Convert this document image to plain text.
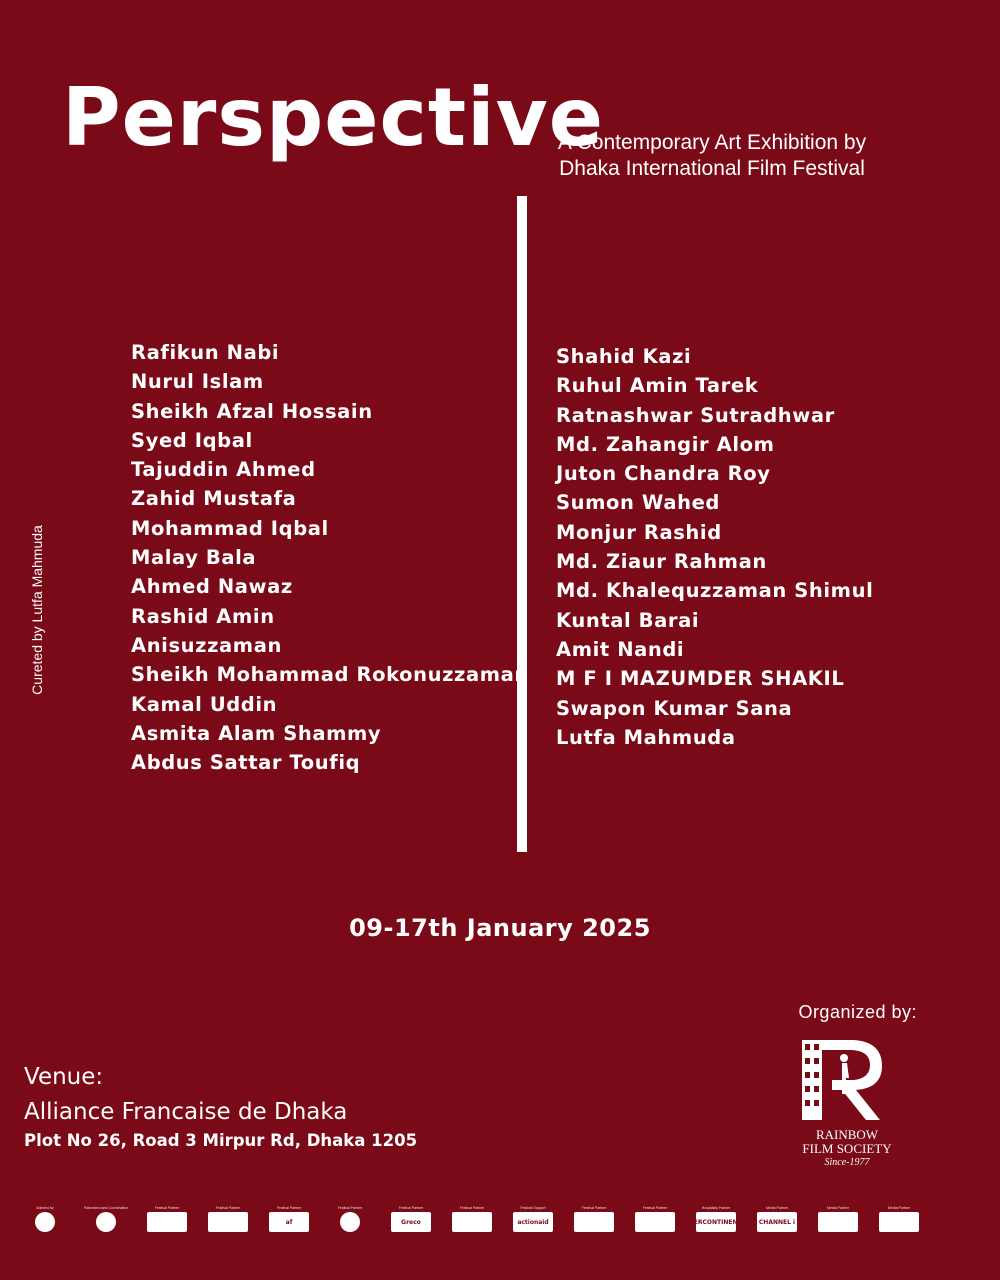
Perspective
A Contemporary Art Exhibition by
Dhaka International Film Festival
Rafikun Nabi
Nurul Islam
Sheikh Afzal Hossain
Syed Iqbal
Tajuddin Ahmed
Zahid Mustafa
Mohammad Iqbal
Malay Bala
Ahmed Nawaz
Rashid Amin
Anisuzzaman
Sheikh Mohammad Rokonuzzaman
Kamal Uddin
Asmita Alam Shammy
Abdus Sattar Toufiq
Shahid Kazi
Ruhul Amin Tarek
Ratnashwar Sutradhwar
Md. Zahangir Alom
Juton Chandra Roy
Sumon Wahed
Monjur Rashid
Md. Ziaur Rahman
Md. Khalequzzaman Shimul
Kuntal Barai
Amit Nandi
M F I MAZUMDER SHAKIL
Swapon Kumar Sana
Lutfa Mahmuda
Cureted by Lutfa Mahmuda
09-17th January 2025
Organized by:
RAINBOW
FILM SOCIETY
Since-1977
Venue:
Alliance Francaise de Dhaka
Plot No 26, Road 3 Mirpur Rd, Dhaka 1205
Admired by	Patronized and Coordination	Festival Partner	Festival Partner	Festival Partner
af
Festival Partner	Festival Partner
Greco
Festival Partner	Festival Support
actionaid
Festival Partner	Festival Partner	Hospitality Partner
INTERCONTINENTAL
Media Partner
CHANNEL i
Media Partner	Media Partner
